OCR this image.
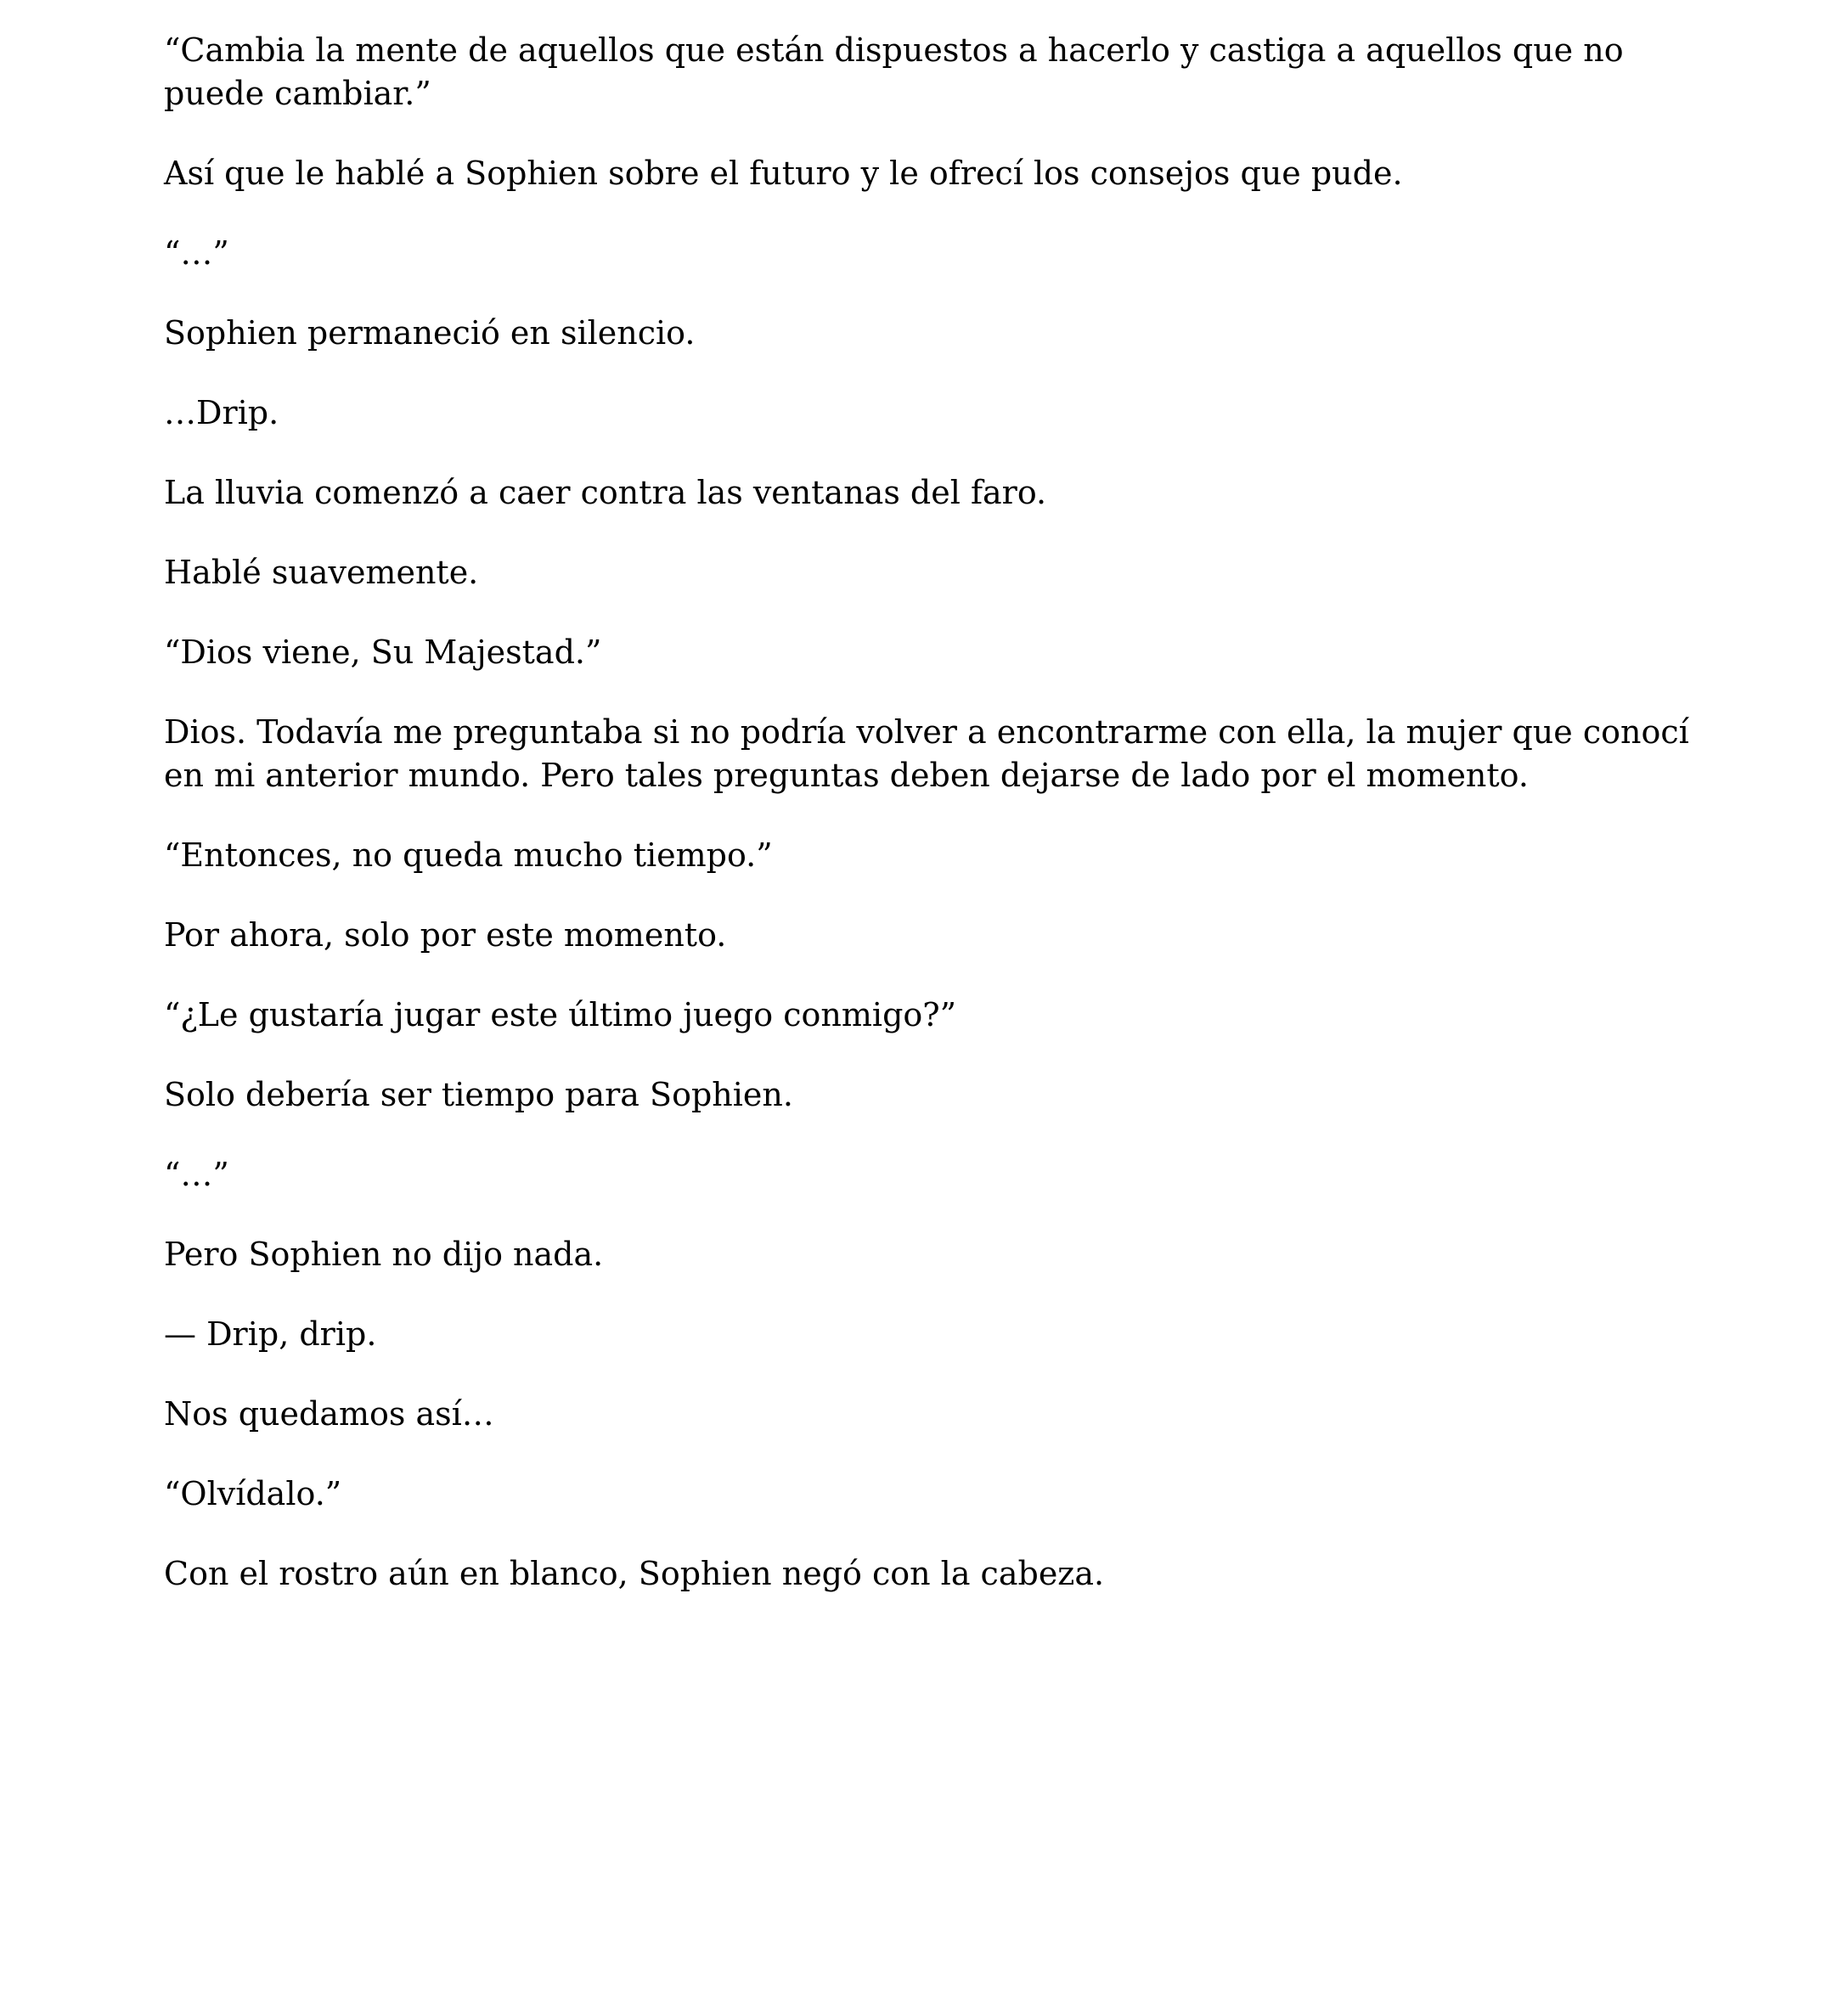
“Cambia la mente de aquellos que están dispuestos a hacerlo y castiga a aquellos que no puede cambiar.”

Así que le hablé a Sophien sobre el futuro y le ofrecí los consejos que pude.

“…”

Sophien permaneció en silencio.

…Drip.

La lluvia comenzó a caer contra las ventanas del faro.

Hablé suavemente.

“Dios viene, Su Majestad.”

Dios. Todavía me preguntaba si no podría volver a encontrarme con ella, la mujer que conocí en mi anterior mundo. Pero tales preguntas deben dejarse de lado por el momento.

“Entonces, no queda mucho tiempo.”

Por ahora, solo por este momento.

“¿Le gustaría jugar este último juego conmigo?”

Solo debería ser tiempo para Sophien.

“…”

Pero Sophien no dijo nada.

— Drip, drip.

Nos quedamos así…

“Olvídalo.”

Con el rostro aún en blanco, Sophien negó con la cabeza.
